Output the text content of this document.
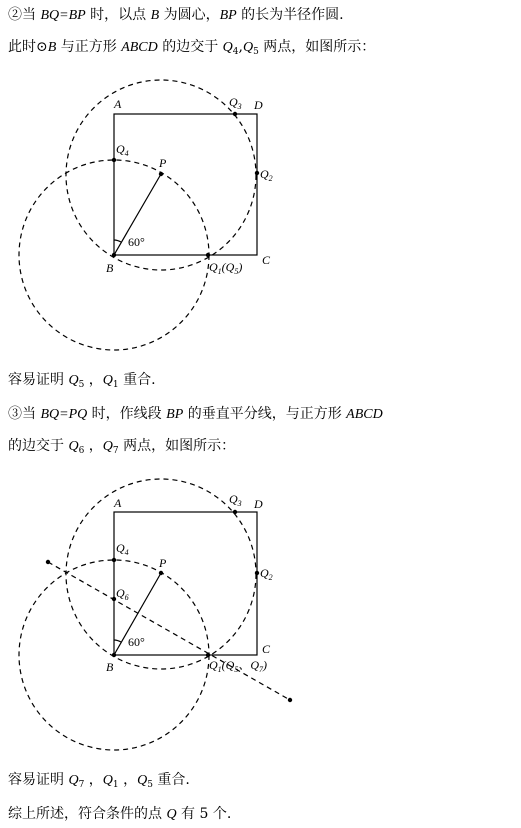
②当 BQ=BP 时，以点 B 为圆心，BP 的长为半径作圆.
此时⊙B 与正方形 ABCD 的边交于 $Q_4,Q_5$ 两点，如图所示：
A	D
$Q_3$
$Q_4$
P
$Q_2$
60°
B	$Q_1(Q_5)$ C
容易证明 $Q_5$ ，$Q_1$ 重合.
③当 BQ=PQ 时，作线段 BP 的垂直平分线，与正方形 ABCD
的边交于 $Q_6$ ，$Q_7$ 两点，如图所示：
A	D
$Q_3$
$Q_4$
P
$Q_2$
$Q_6$
60°
B
C
$Q_1(Q_5$、$Q_7$)
容易证明 $Q_7$ ，$Q_1$ ，$Q_5$ 重合.
综上所述，符合条件的点 Q 有 5 个.
